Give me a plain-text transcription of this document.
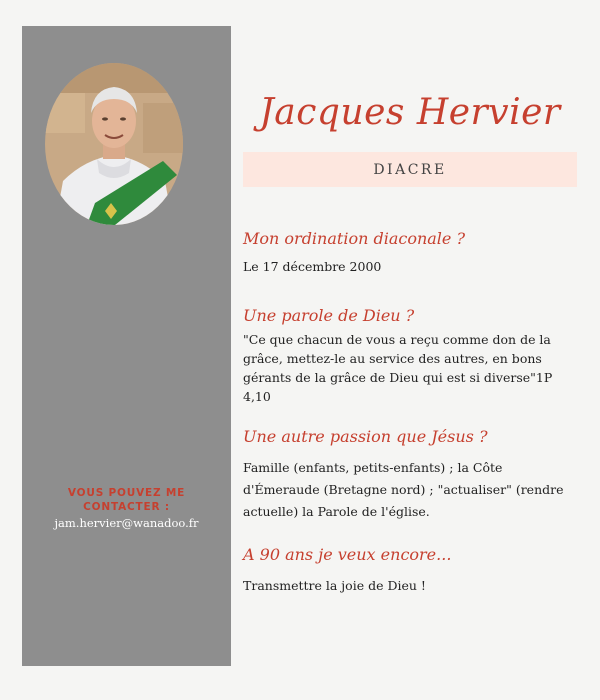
VOUS POUVEZ ME CONTACTER :
jam.hervier@wanadoo.fr
Jacques Hervier
DIACRE
Mon ordination diaconale ?
Le 17 décembre 2000
Une parole de Dieu ?
"Ce que chacun de vous a reçu comme don de la grâce, mettez-le au service des autres, en bons gérants de la grâce de Dieu qui est si diverse"1P 4,10
Une autre passion que Jésus ?
Famille (enfants, petits-enfants) ; la Côte d'Émeraude (Bretagne nord) ; "actualiser" (rendre actuelle) la Parole de l'église.
A 90 ans je veux encore...
Transmettre la joie de Dieu !
